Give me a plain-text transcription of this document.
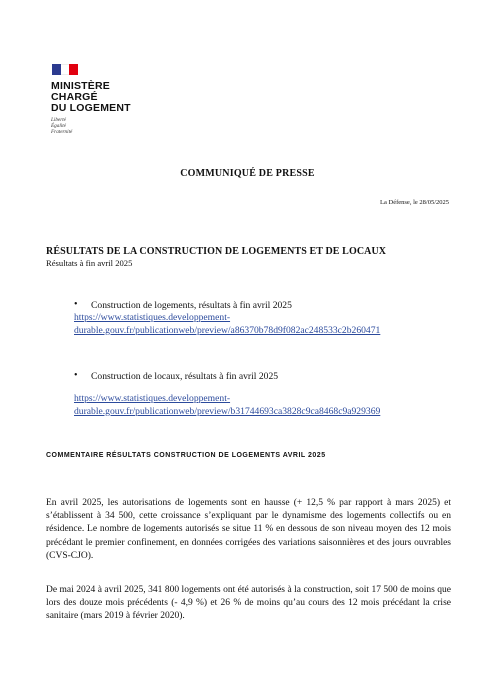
MINISTÈRE
CHARGÉ
DU LOGEMENT
Liberté
Égalité
Fraternité
COMMUNIQUÉ DE PRESSE
La Défense, le 28/05/2025
RÉSULTATS DE LA CONSTRUCTION DE LOGEMENTS ET DE LOCAUX
Résultats à fin avril 2025
• Construction de logements, résultats à fin avril 2025
https://www.statistiques.developpement-
durable.gouv.fr/publicationweb/preview/a86370b78d9f082ac248533c2b260471
• Construction de locaux, résultats à fin avril 2025
https://www.statistiques.developpement-
durable.gouv.fr/publicationweb/preview/b31744693ca3828c9ca8468c9a929369
COMMENTAIRE RÉSULTATS CONSTRUCTION DE LOGEMENTS AVRIL 2025
En avril 2025, les autorisations de logements sont en hausse (+ 12,5 % par rapport à mars 2025) et s’établissent à 34 500, cette croissance s’expliquant par le dynamisme des logements collectifs ou en résidence. Le nombre de logements autorisés se situe 11 % en dessous de son niveau moyen des 12 mois précédant le premier confinement, en données corrigées des variations saisonnières et des jours ouvrables (CVS-CJO).
De mai 2024 à avril 2025, 341 800 logements ont été autorisés à la construction, soit 17 500 de moins que lors des douze mois précédents (- 4,9 %) et 26 % de moins qu’au cours des 12 mois précédant la crise sanitaire (mars 2019 à février 2020).
